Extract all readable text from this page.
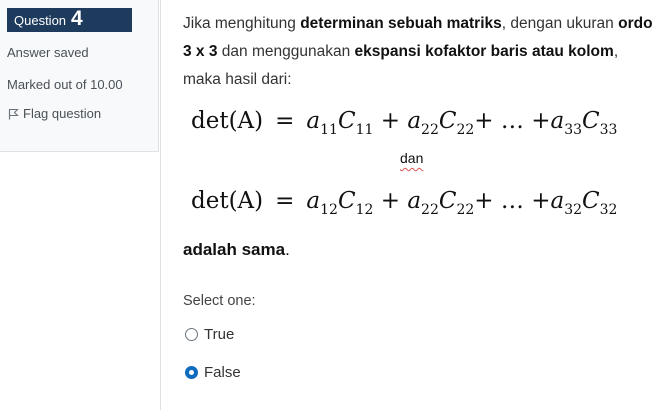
Question 4
Answer saved
Marked out of 10.00
Flag question
Jika menghitung determinan sebuah matriks, dengan ukuran ordo 3 x 3 dan menggunakan ekspansi kofaktor baris atau kolom, maka hasil dari:
$\det(A) = a_{11}C_{11} + a_{22}C_{22}+$ … $+a_{33}C_{33}$
dan
$\det(A) = a_{12}C_{12} + a_{22}C_{22}+$ … $+a_{32}C_{32}$
adalah sama.
Select one:
True
False
